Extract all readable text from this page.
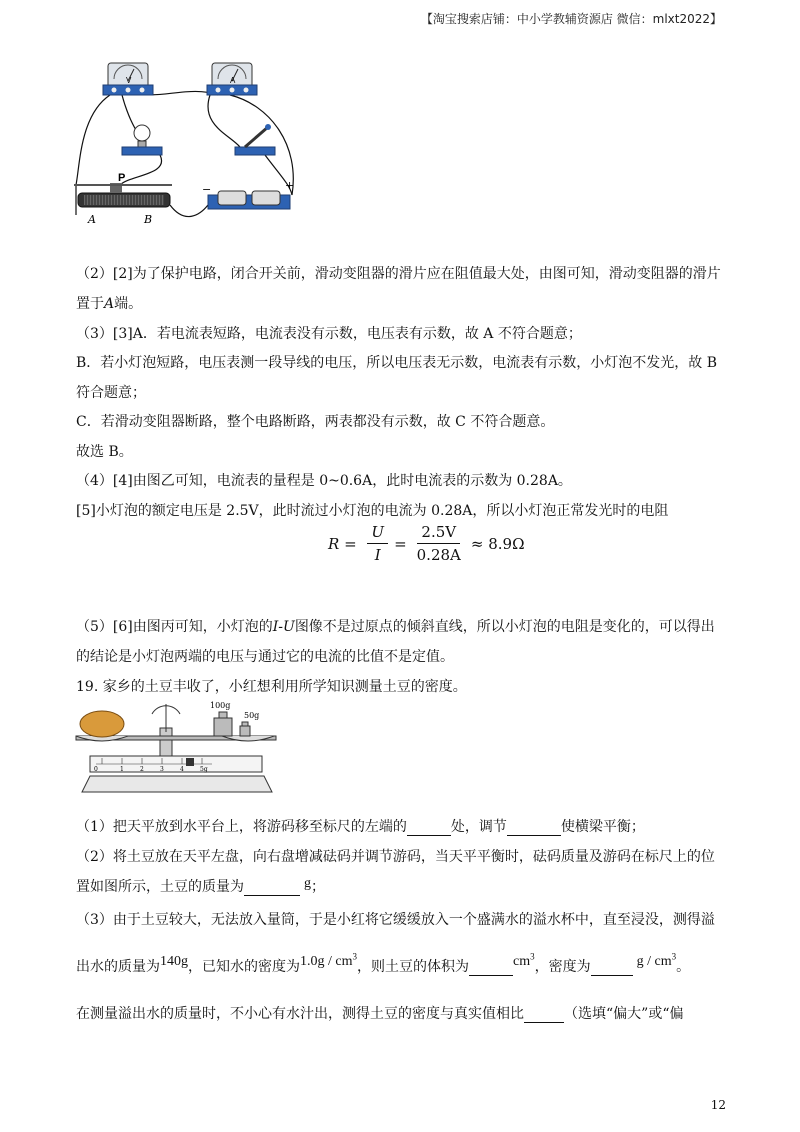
【淘宝搜索店铺：中小学教辅资源店 微信：mlxt2022】
V	A
P
A	B
−	+
（2）[2]为了保护电路，闭合开关前，滑动变阻器的滑片应在阻值最大处，由图可知，滑动变阻器的滑片
置于A端。
（3）[3]A．若电流表短路，电流表没有示数，电压表有示数，故 A 不符合题意；
B．若小灯泡短路，电压表测一段导线的电压，所以电压表无示数，电流表有示数，小灯泡不发光，故 B
符合题意；
C．若滑动变阻器断路，整个电路断路，两表都没有示数，故 C 不符合题意。
故选 B。
（4）[4]由图乙可知，电流表的量程是 0~0.6A，此时电流表的示数为 0.28A。
[5]小灯泡的额定电压是 2.5V，此时流过小灯泡的电流为 0.28A，所以小灯泡正常发光时的电阻
$R = \frac{U}{I} = \frac{2.5V}{0.28A} \approx 8.9\Omega$
（5）[6]由图丙可知，小灯泡的I-U图像不是过原点的倾斜直线，所以小灯泡的电阻是变化的，可以得出
的结论是小灯泡两端的电压与通过它的电流的比值不是定值。
19. 家乡的土豆丰收了，小红想利用所学知识测量土豆的密度。
0	1	2	3	4	5g
100g
50g
（1）把天平放到水平台上，将游码移至标尺的左端的	处，调节	使横梁平衡；
（2）将土豆放在天平左盘，向右盘增减砝码并调节游码，当天平平衡时，砝码质量及游码在标尺上的位
置如图所示，土豆的质量为	g；
（3）由于土豆较大，无法放入量筒，于是小红将它缓缓放入一个盛满水的溢水杯中，直至浸没，测得溢
出水的质量为140g，已知水的密度为$1.0g / cm^3$，则土豆的体积为	$cm^3$，密度为	g / $cm^3$。
在测量溢出水的质量时，不小心有水汁出，测得土豆的密度与真实值相比	（选填“偏大”或“偏
12
